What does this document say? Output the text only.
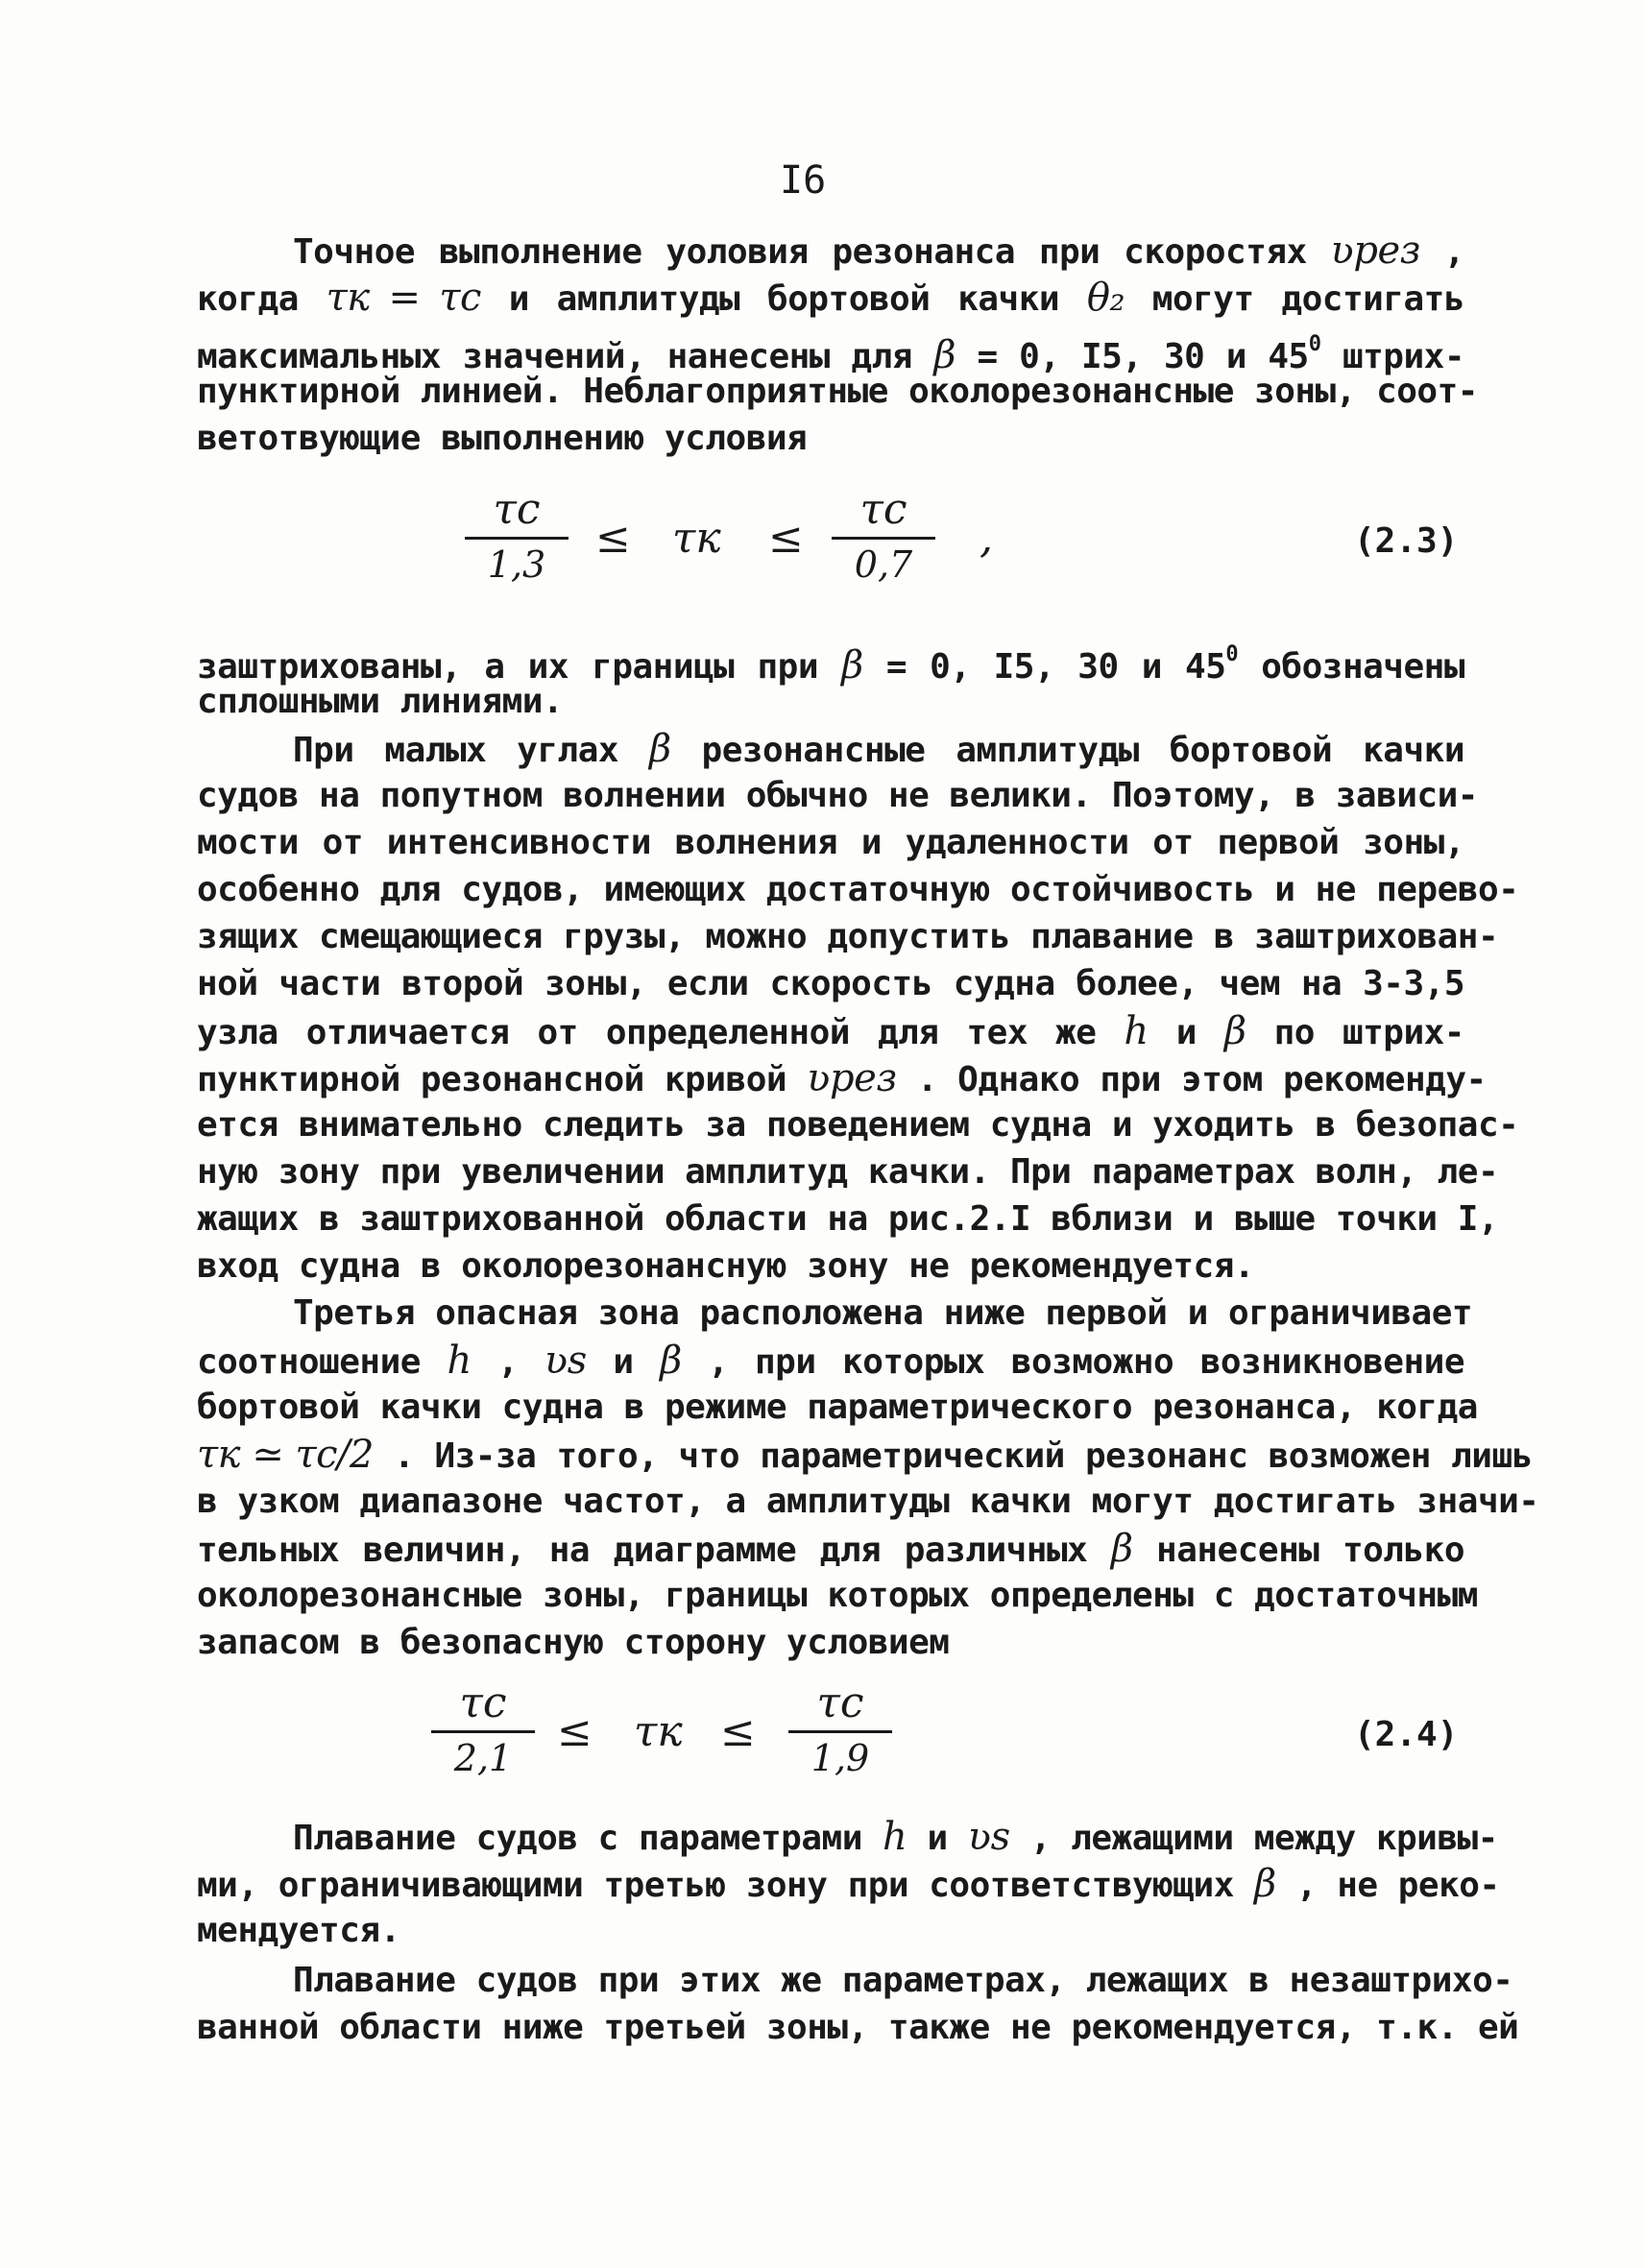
I6
Точное выполнение уоловия резонанса при скоростях ʋрез ,
когда τк = τс и амплитуды бортовой качки θ₂ могут достигать
максимальных значений, нанесены для β = 0, I5, 30 и $45^0$ штрих-
пунктирной линией. Неблагоприятные околорезонансные зоны, соот-
ветотвующие выполнению условия
τc
1,3
≤ τк ≤
τc
0,7
,	(2.3)
заштрихованы, а их границы при β = 0, I5, 30 и $45^0$ обозначены
сплошными линиями.
При малых углах β резонансные амплитуды бортовой качки
судов на попутном волнении обычно не велики. Поэтому, в зависи-
мости от интенсивности волнения и удаленности от первой зоны,
особенно для судов, имеющих достаточную остойчивость и не перево-
зящих смещающиеся грузы, можно допустить плавание в заштрихован-
ной части второй зоны, если скорость судна более, чем на 3-3,5
узла отличается от определенной для тех же h и β по штрих-
пунктирной резонансной кривой ʋрез . Однако при этом рекоменду-
ется внимательно следить за поведением судна и уходить в безопас-
ную зону при увеличении амплитуд качки. При параметрах волн, ле-
жащих в заштрихованной области на рис.2.I вблизи и выше точки I,
вход судна в околорезонансную зону не рекомендуется.
Третья опасная зона расположена ниже первой и ограничивает
соотношение h , ʋs и β , при которых возможно возникновение
бортовой качки судна в режиме параметрического резонанса, когда
τк ≃ τс/2 . Из-за того, что параметрический резонанс возможен лишь
в узком диапазоне частот, а амплитуды качки могут достигать значи-
тельных величин, на диаграмме для различных β нанесены только
околорезонансные зоны, границы которых определены с достаточным
запасом в безопасную сторону условием
τc
2,1
≤ τк ≤
τc
1,9
(2.4)
Плавание судов с параметрами h и ʋs , лежащими между кривы-
ми, ограничивающими третью зону при соответствующих β , не реко-
мендуется.
Плавание судов при этих же параметрах, лежащих в незаштрихо-
ванной области ниже третьей зоны, также не рекомендуется, т.к. ей
